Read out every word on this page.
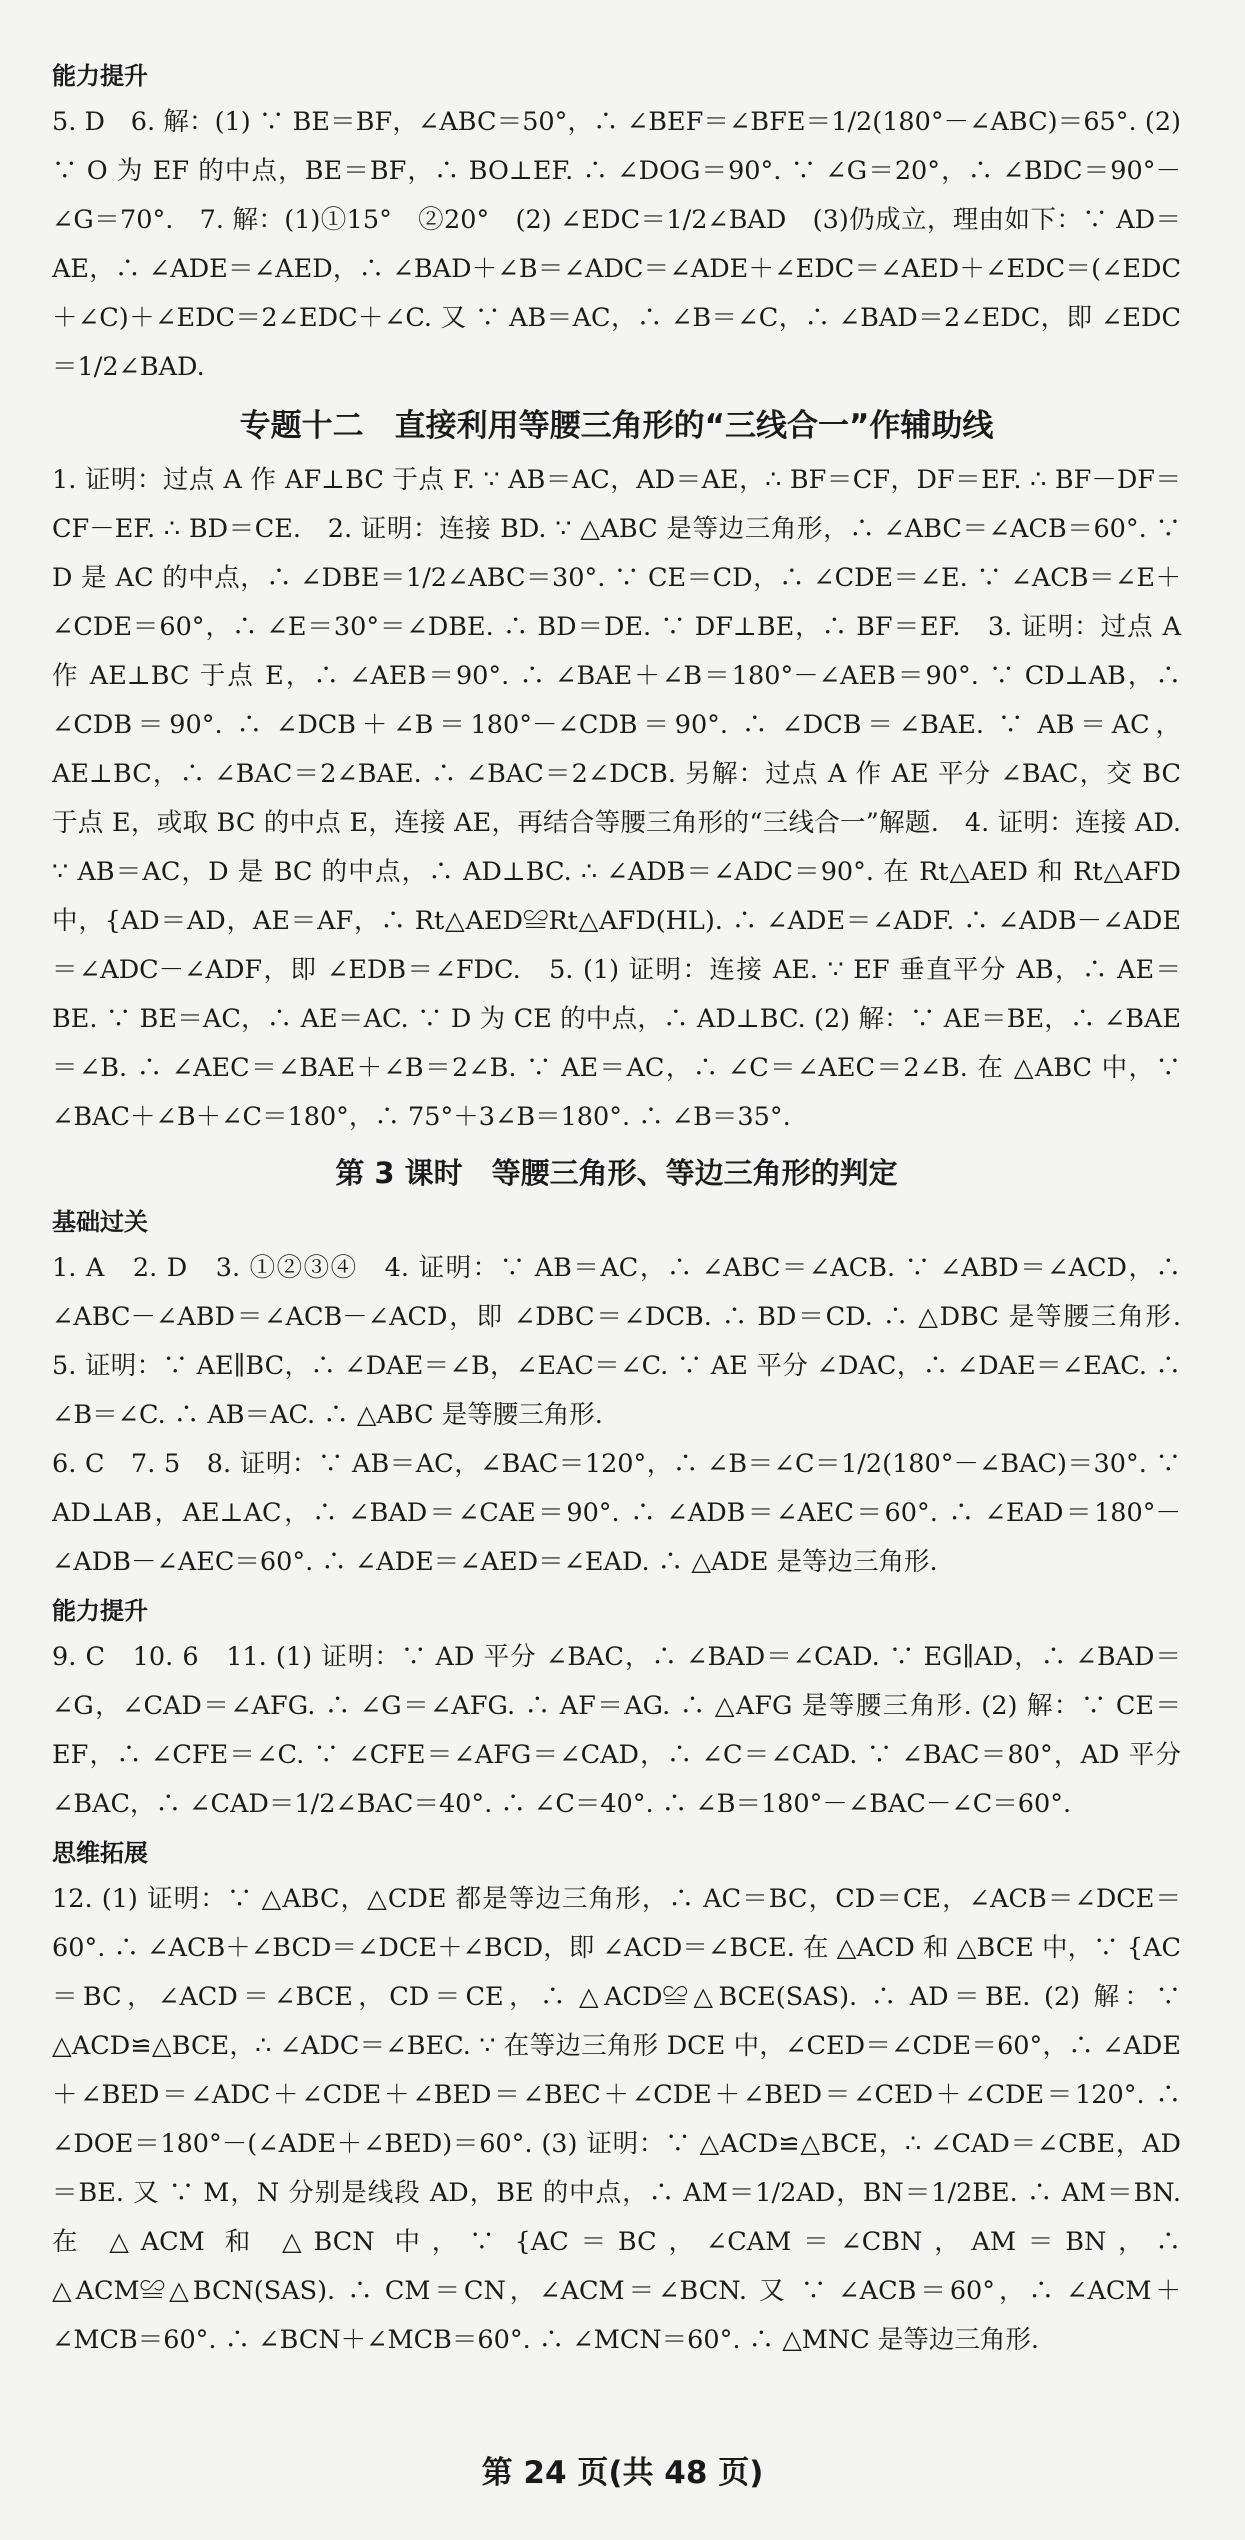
能力提升

5. D　6. 解：(1) ∵ BE＝BF，∠ABC＝50°，∴ ∠BEF＝∠BFE＝1/2(180°－∠ABC)＝65°. (2) ∵ O 为 EF 的中点，BE＝BF，∴ BO⊥EF. ∴ ∠DOG＝90°. ∵ ∠G＝20°，∴ ∠BDC＝90°－∠G＝70°.　7. 解：(1)①15°　②20°　(2) ∠EDC＝1/2∠BAD　(3)仍成立，理由如下：∵ AD＝AE，∴ ∠ADE＝∠AED，∴ ∠BAD＋∠B＝∠ADC＝∠ADE＋∠EDC＝∠AED＋∠EDC＝(∠EDC＋∠C)＋∠EDC＝2∠EDC＋∠C. 又 ∵ AB＝AC，∴ ∠B＝∠C，∴ ∠BAD＝2∠EDC，即 ∠EDC＝1/2∠BAD.

专题十二　直接利用等腰三角形的“三线合一”作辅助线

1. 证明：过点 A 作 AF⊥BC 于点 F. ∵ AB＝AC，AD＝AE，∴ BF＝CF，DF＝EF. ∴ BF－DF＝CF－EF. ∴ BD＝CE.　2. 证明：连接 BD. ∵ △ABC 是等边三角形，∴ ∠ABC＝∠ACB＝60°. ∵ D 是 AC 的中点，∴ ∠DBE＝1/2∠ABC＝30°. ∵ CE＝CD，∴ ∠CDE＝∠E. ∵ ∠ACB＝∠E＋∠CDE＝60°，∴ ∠E＝30°＝∠DBE. ∴ BD＝DE. ∵ DF⊥BE，∴ BF＝EF.　3. 证明：过点 A 作 AE⊥BC 于点 E，∴ ∠AEB＝90°. ∴ ∠BAE＋∠B＝180°－∠AEB＝90°. ∵ CD⊥AB，∴ ∠CDB＝90°. ∴ ∠DCB＋∠B＝180°－∠CDB＝90°. ∴ ∠DCB＝∠BAE. ∵ AB＝AC，AE⊥BC，∴ ∠BAC＝2∠BAE. ∴ ∠BAC＝2∠DCB. 另解：过点 A 作 AE 平分 ∠BAC，交 BC 于点 E，或取 BC 的中点 E，连接 AE，再结合等腰三角形的“三线合一”解题.　4. 证明：连接 AD. ∵ AB＝AC，D 是 BC 的中点，∴ AD⊥BC. ∴ ∠ADB＝∠ADC＝90°. 在 Rt△AED 和 Rt△AFD 中，{AD＝AD，AE＝AF，∴ Rt△AED≌Rt△AFD(HL). ∴ ∠ADE＝∠ADF. ∴ ∠ADB－∠ADE＝∠ADC－∠ADF，即 ∠EDB＝∠FDC.　5. (1) 证明：连接 AE. ∵ EF 垂直平分 AB，∴ AE＝BE. ∵ BE＝AC，∴ AE＝AC. ∵ D 为 CE 的中点，∴ AD⊥BC. (2) 解：∵ AE＝BE，∴ ∠BAE＝∠B. ∴ ∠AEC＝∠BAE＋∠B＝2∠B. ∵ AE＝AC，∴ ∠C＝∠AEC＝2∠B. 在 △ABC 中，∵ ∠BAC＋∠B＋∠C＝180°，∴ 75°＋3∠B＝180°. ∴ ∠B＝35°.

第 3 课时　等腰三角形、等边三角形的判定
基础过关

1. A　2. D　3. ①②③④　4. 证明：∵ AB＝AC，∴ ∠ABC＝∠ACB. ∵ ∠ABD＝∠ACD，∴ ∠ABC－∠ABD＝∠ACB－∠ACD，即 ∠DBC＝∠DCB. ∴ BD＝CD. ∴ △DBC 是等腰三角形.　5. 证明：∵ AE∥BC，∴ ∠DAE＝∠B，∠EAC＝∠C. ∵ AE 平分 ∠DAC，∴ ∠DAE＝∠EAC. ∴ ∠B＝∠C. ∴ AB＝AC. ∴ △ABC 是等腰三角形.

6. C　7. 5　8. 证明：∵ AB＝AC，∠BAC＝120°，∴ ∠B＝∠C＝1/2(180°－∠BAC)＝30°. ∵ AD⊥AB，AE⊥AC，∴ ∠BAD＝∠CAE＝90°. ∴ ∠ADB＝∠AEC＝60°. ∴ ∠EAD＝180°－∠ADB－∠AEC＝60°. ∴ ∠ADE＝∠AED＝∠EAD. ∴ △ADE 是等边三角形.

能力提升

9. C　10. 6　11. (1) 证明：∵ AD 平分 ∠BAC，∴ ∠BAD＝∠CAD. ∵ EG∥AD，∴ ∠BAD＝∠G，∠CAD＝∠AFG. ∴ ∠G＝∠AFG. ∴ AF＝AG. ∴ △AFG 是等腰三角形. (2) 解：∵ CE＝EF，∴ ∠CFE＝∠C. ∵ ∠CFE＝∠AFG＝∠CAD，∴ ∠C＝∠CAD. ∵ ∠BAC＝80°，AD 平分 ∠BAC，∴ ∠CAD＝1/2∠BAC＝40°. ∴ ∠C＝40°. ∴ ∠B＝180°－∠BAC－∠C＝60°.

思维拓展

12. (1) 证明：∵ △ABC，△CDE 都是等边三角形，∴ AC＝BC，CD＝CE，∠ACB＝∠DCE＝60°. ∴ ∠ACB＋∠BCD＝∠DCE＋∠BCD，即 ∠ACD＝∠BCE. 在 △ACD 和 △BCE 中，∵ {AC＝BC，∠ACD＝∠BCE，CD＝CE，∴ △ACD≌△BCE(SAS). ∴ AD＝BE. (2) 解：∵ △ACD≌△BCE，∴ ∠ADC＝∠BEC. ∵ 在等边三角形 DCE 中，∠CED＝∠CDE＝60°，∴ ∠ADE＋∠BED＝∠ADC＋∠CDE＋∠BED＝∠BEC＋∠CDE＋∠BED＝∠CED＋∠CDE＝120°. ∴ ∠DOE＝180°－(∠ADE＋∠BED)＝60°. (3) 证明：∵ △ACD≌△BCE，∴ ∠CAD＝∠CBE，AD＝BE. 又 ∵ M，N 分别是线段 AD，BE 的中点，∴ AM＝1/2AD，BN＝1/2BE. ∴ AM＝BN. 在 △ACM 和 △BCN 中，∵ {AC＝BC，∠CAM＝∠CBN，AM＝BN，∴ △ACM≌△BCN(SAS). ∴ CM＝CN，∠ACM＝∠BCN. 又 ∵ ∠ACB＝60°，∴ ∠ACM＋∠MCB＝60°. ∴ ∠BCN＋∠MCB＝60°. ∴ ∠MCN＝60°. ∴ △MNC 是等边三角形.

第 24 页(共 48 页)
